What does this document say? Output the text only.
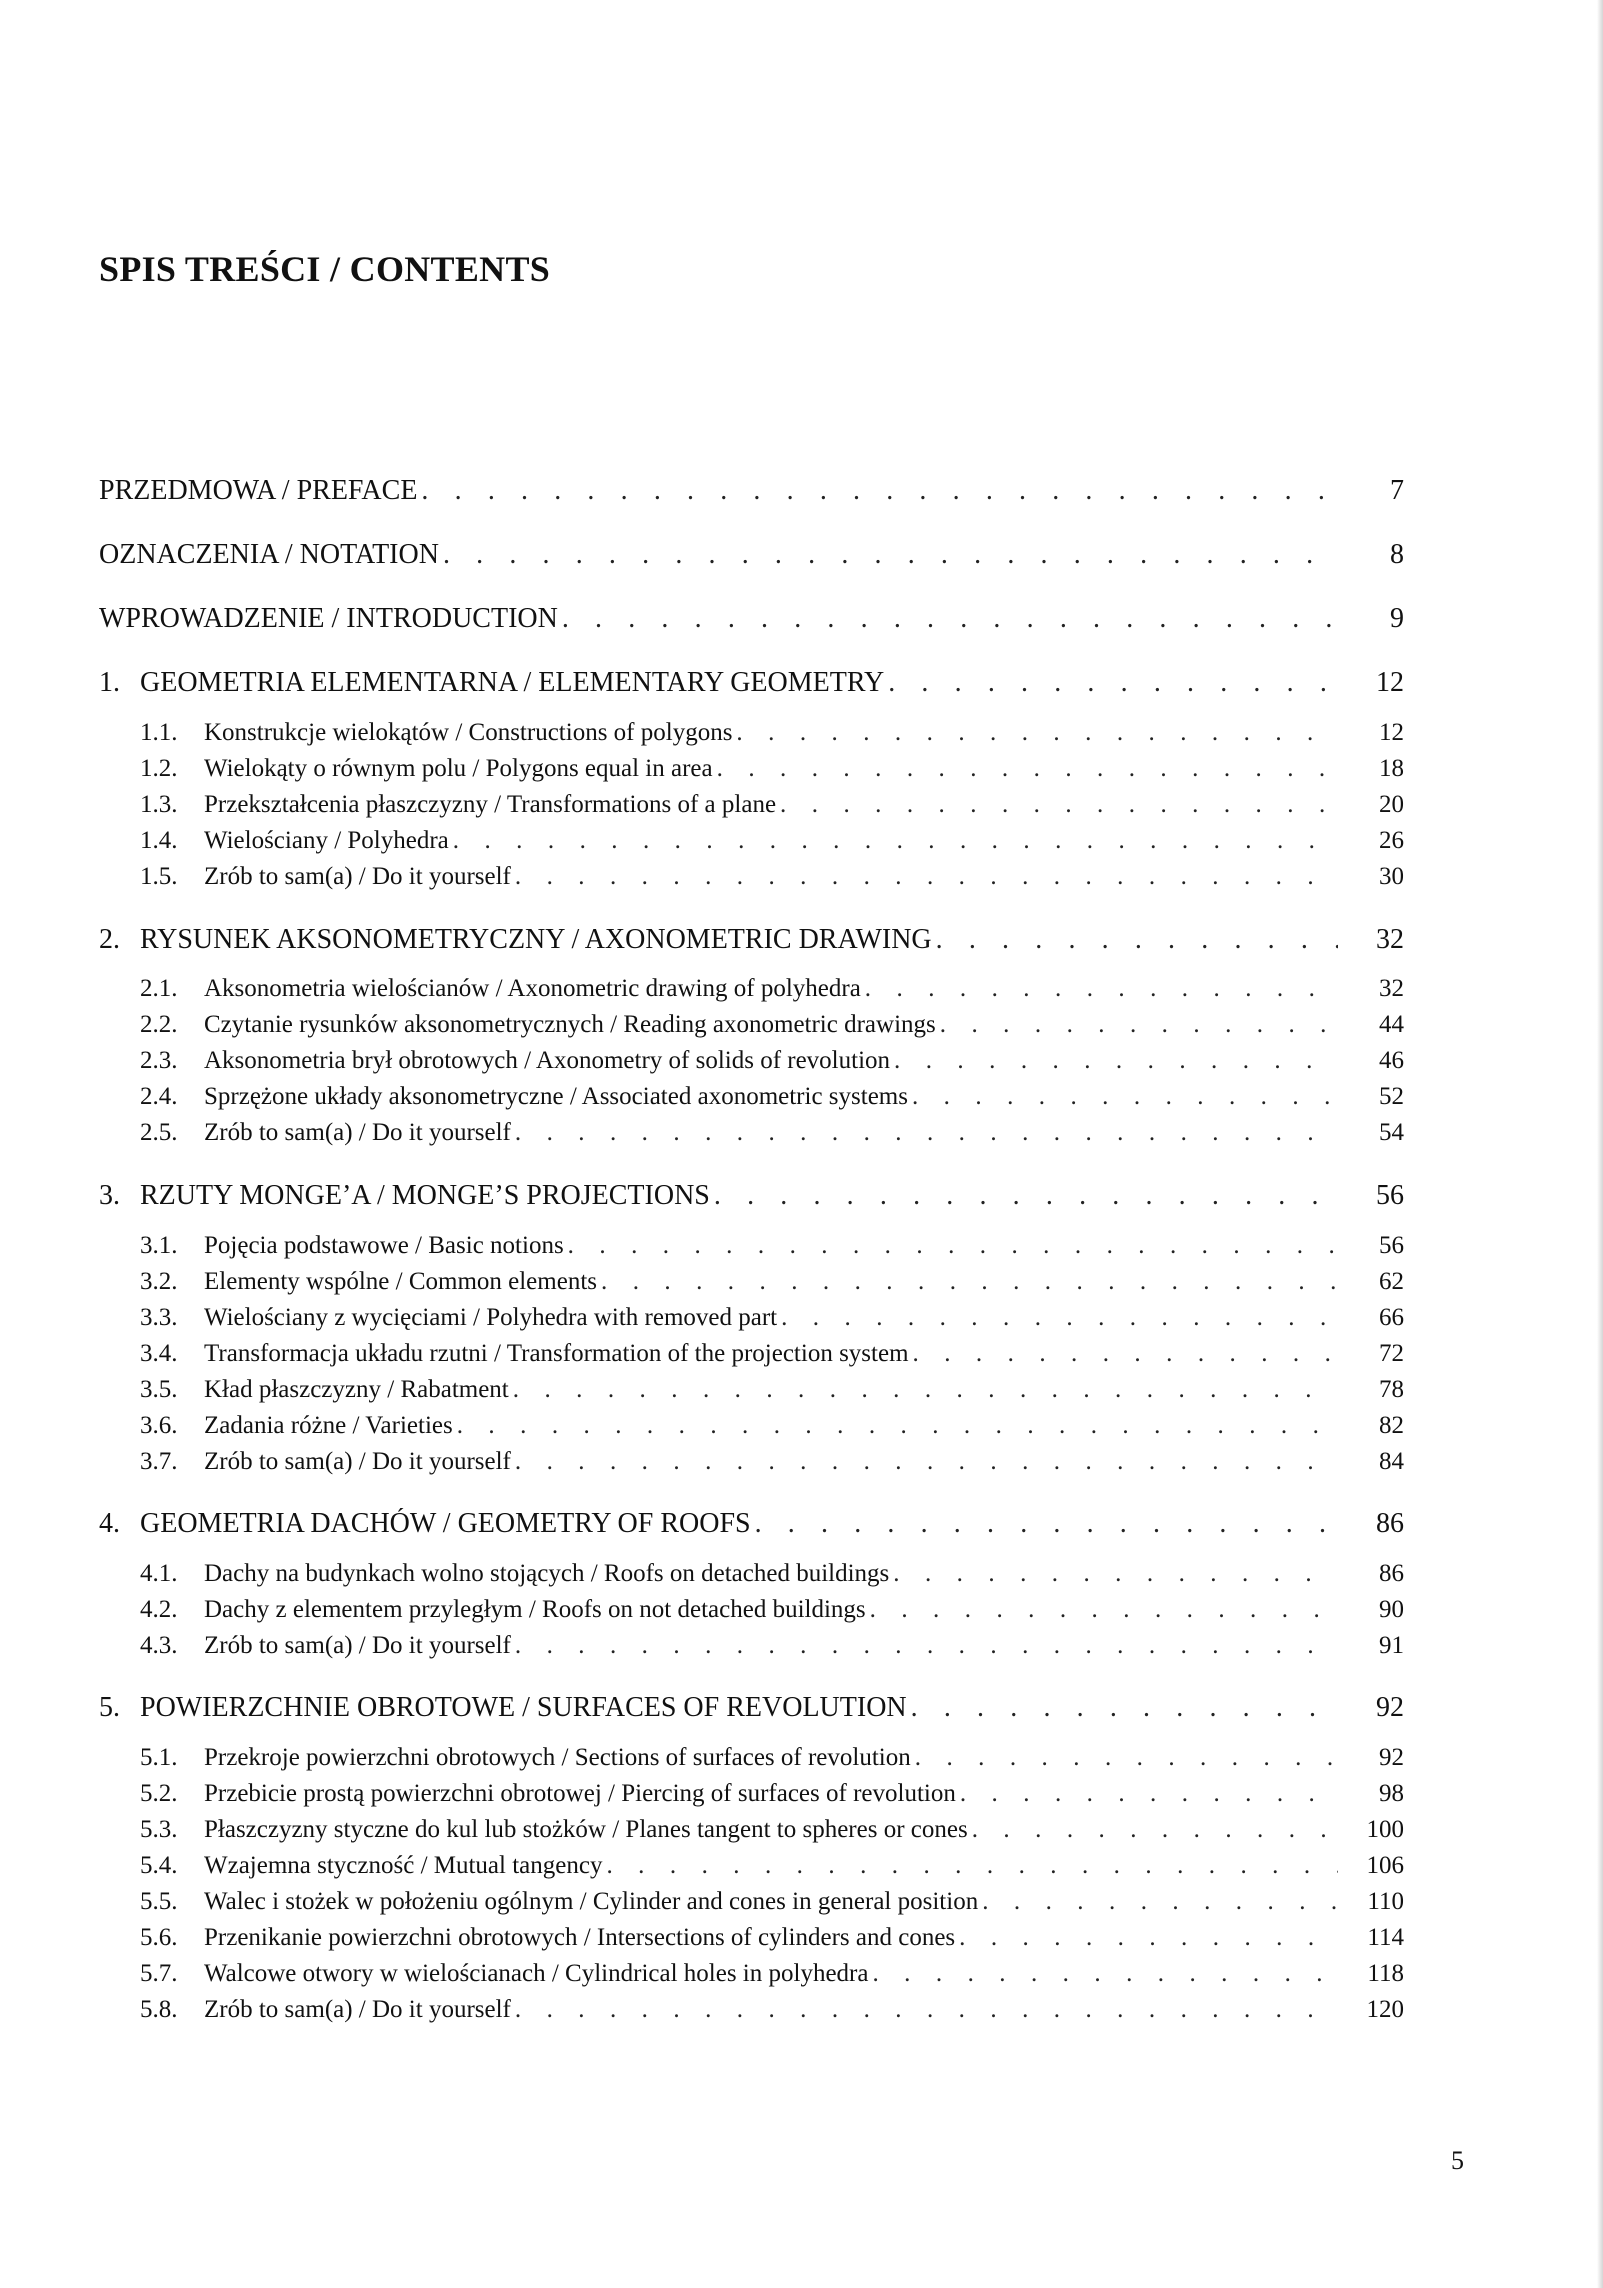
SPIS TREŚCI / CONTENTS
PRZEDMOWA / PREFACE . . .	7
OZNACZENIA / NOTATION . . .	8
WPROWADZENIE / INTRODUCTION . . .	9
1. GEOMETRIA ELEMENTARNA / ELEMENTARY GEOMETRY . . .	12
1.1.	Konstrukcje wielokątów / Constructions of polygons . . .	12
1.2.	Wielokąty o równym polu / Polygons equal in area . . .	18
1.3.	Przekształcenia płaszczyzny / Transformations of a plane . . .	20
1.4.	Wielościany / Polyhedra . . .	26
1.5.	Zrób to sam(a) / Do it yourself . . .	30
2. RYSUNEK AKSONOMETRYCZNY / AXONOMETRIC DRAWING . . .	32
2.1.	Aksonometria wielościanów / Axonometric drawing of polyhedra . . .	32
2.2.	Czytanie rysunków aksonometrycznych / Reading axonometric drawings . . .	44
2.3.	Aksonometria brył obrotowych / Axonometry of solids of revolution . . .	46
2.4.	Sprzężone układy aksonometryczne / Associated axonometric systems . . .	52
2.5.	Zrób to sam(a) / Do it yourself . . .	54
3. RZUTY MONGE’A / MONGE’S PROJECTIONS . . .	56
3.1.	Pojęcia podstawowe / Basic notions . . .	56
3.2.	Elementy wspólne / Common elements . . .	62
3.3.	Wielościany z wycięciami / Polyhedra with removed part . . .	66
3.4.	Transformacja układu rzutni / Transformation of the projection system . . .	72
3.5.	Kład płaszczyzny / Rabatment . . .	78
3.6.	Zadania różne / Varieties . . .	82
3.7.	Zrób to sam(a) / Do it yourself . . .	84
4. GEOMETRIA DACHÓW / GEOMETRY OF ROOFS . . .	86
4.1.	Dachy na budynkach wolno stojących / Roofs on detached buildings . . .	86
4.2.	Dachy z elementem przyległym / Roofs on not detached buildings . . .	90
4.3.	Zrób to sam(a) / Do it yourself . . .	91
5. POWIERZCHNIE OBROTOWE / SURFACES OF REVOLUTION . . .	92
5.1.	Przekroje powierzchni obrotowych / Sections of surfaces of revolution . . .	92
5.2.	Przebicie prostą powierzchni obrotowej / Piercing of surfaces of revolution . . .	98
5.3.	Płaszczyzny styczne do kul lub stożków / Planes tangent to spheres or cones . . .	100
5.4.	Wzajemna styczność / Mutual tangency . . .	106
5.5.	Walec i stożek w położeniu ogólnym / Cylinder and cones in general position . . .	110
5.6.	Przenikanie powierzchni obrotowych / Intersections of cylinders and cones . . .	114
5.7.	Walcowe otwory w wielościanach / Cylindrical holes in polyhedra . . .	118
5.8.	Zrób to sam(a) / Do it yourself . . .	120
5
